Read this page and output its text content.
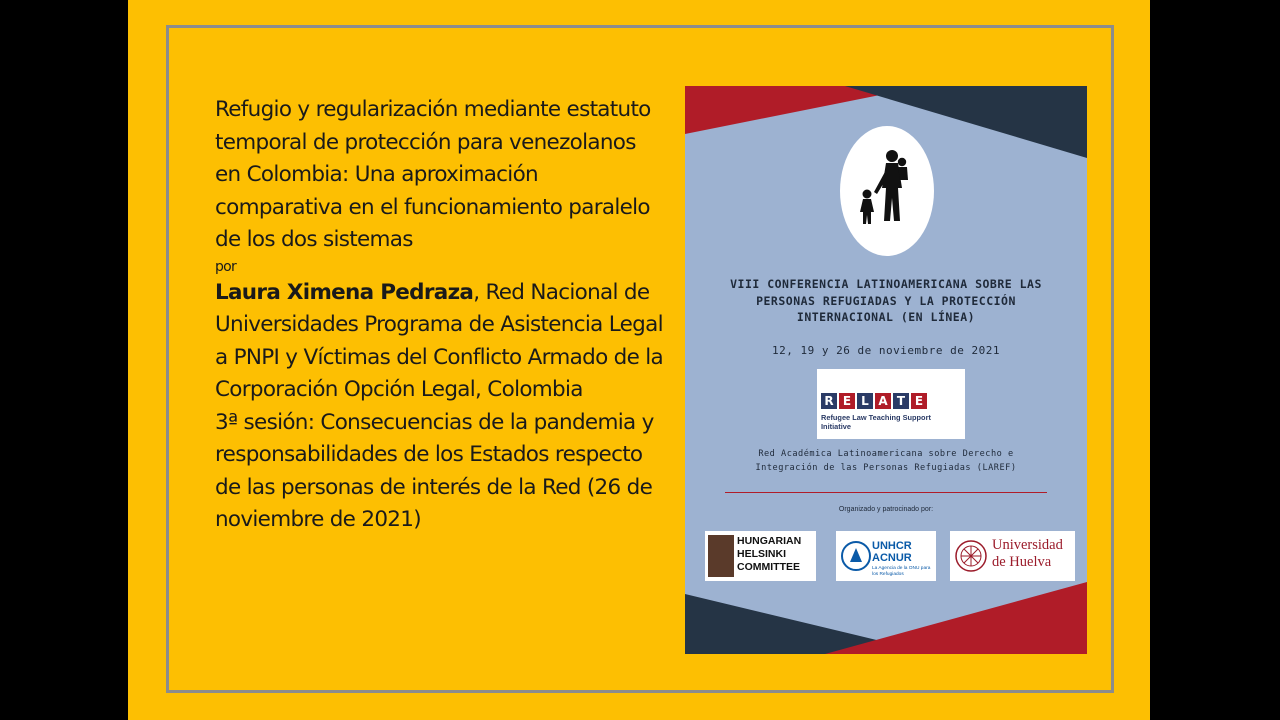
Refugio y regularización mediante estatuto temporal de protección para venezolanos en Colombia: Una aproximación comparativa en el funcionamiento paralelo de los dos sistemas

por

Laura Ximena Pedraza, Red Nacional de Universidades Programa de Asistencia Legal a PNPI y Víctimas del Conflicto Armado de la Corporación Opción Legal, Colombia

3ª sesión: Consecuencias de la pandemia y responsabilidades de los Estados respecto de las personas de interés de la Red (26 de noviembre de 2021)

VIII CONFERENCIA LATINOAMERICANA SOBRE LAS
PERSONAS REFUGIADAS Y LA PROTECCIÓN
INTERNACIONAL (EN LÍNEA)
12, 19 y 26 de noviembre de 2021
R E L A T E
Refugee Law Teaching Support Initiative
Red Académica Latinoamericana sobre Derecho e
Integración de las Personas Refugiadas (LAREF)
Organizado y patrocinado por:
HUNGARIAN
HELSINKI
COMMITTEE
UNHCR
ACNUR
La Agencia de la ONU para los Refugiados
Universidad
de Huelva
